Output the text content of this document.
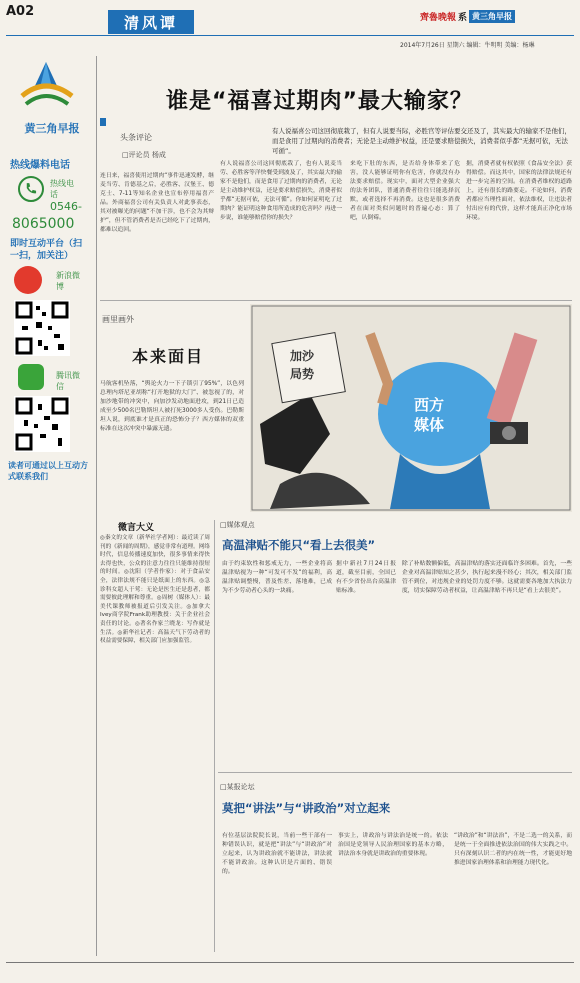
A02
清风谭	齊魯晚報 系 黄三角早报
2014年7月26日 星期六 编辑：牛明明 美编：杨琳
黄三角早报
热线爆料电话
热线电话
0546-
8065000
即时互动平台（扫一扫，加关注）
新浪微博
腾讯微信
读者可通过以上互动方式联系我们
谁是“福喜过期肉”最大输家？
头条评论
□评论员 杨成
有人说福喜公司这回彻底栽了，但有人说要当际，必胜官等评估要交还及了，其实最大的输家不是他们，而是食用了过期肉的消费者；无论是主动维护权益，还是要求赔偿损失，消费者似乎都“无据可依，无法可循”。
连日来，福喜使用过期肉“事件迅速发酵，继麦当劳、肯德基之后，必胜客、汉堡王、德克士、7-11等知名企业也宣布停用福喜产品。外商福喜公司有关负责人对此事表态，其对被曝光的问题“不加干涉，也不会为其辩护”，但不管消费者是否已经吃下了过期肉，都难以追回。
有人说福喜公司这回彻底栽了，也有人说麦当劳、必胜客等洋快餐受到波及了，其实最大的输家不是他们，而是食用了过期肉的消费者，无论是主动维护权益，还是要求赔偿损失，消费者似乎都“无据可依，无法可循”。你如何证明吃了过期肉？能证明这种食用所造成的危害吗？再进一步说，谁能够赔偿你的损失？
来吃下肚的东西，是否给身体带来了危害，没人能够证明你有危害，你就没有办法要求赔偿。现实中，面对大型企业强大的法务团队，普通消费者往往只能选择沉默，或者选择不再消费。这也是很多消费者在面对类似问题时的普遍心态：算了吧，认倒霉。
据，消费者就有权依照《食品安全法》获得赔偿。而这其中，国家的法律法规还有进一步完善的空间。在消费者维权的道路上，还有很长的路要走。不论如何，消费者都应当理性面对，依法维权，让违法者付出应有的代价，这样才能真正净化市场环境。
画里画外
本来面目
马航客机坠落，“舆论火力一下子锁引了95%”，以色列总理内塔尼亚胡称“打开地狱的大门”、被忽视了的，对加沙地带的冲突中，向加沙发动地面进攻，到21日已造成至少500名巴勒斯坦人被打死3000多人受伤。巴勒斯坦人说，到底谁才是真正的恐怖分子？西方媒体的双重标准在这次冲突中暴露无遗。
加沙
局势
西方
媒体
微言大义
◎秦文的文章（新华社学者网）：最近读了周刊的《新闻的周期》，感觉非常有道理。网络时代，信息传播速度加快，很多事情来得快去得也快，公众的注意力往往只能维持很短的时间。◎沈阳（学者作家）：对于食品安全，法律法规不能只是纸面上的东西。◎急诊科女超人于莺：无论是医生还是患者，都需要彼此理解和尊重。◎周树（媒体人）：最美代课教师被报道后引发关注。◎加拿大Ivey商学院Frank助理教授：关于企业社会责任的讨论。◎著名作家兰晓龙：写作就是生活。◎新华社记者：高温天气下劳动者的权益需要保障，相关部门应加强监管。
□媒体观点
高温津贴不能只“看上去很美”
由于约束软性和惩戒无力，一些企业将高温津贴视为一种“可发可不发”的福利，高温津贴调整慢，普及性差、落地难，已成为不少劳动者心头的一块痛。
据中新社7月24日报道，截至目前，全国已有不少省份出台高温津贴标准。
除了补贴数额偏低，高温津贴的落实还面临许多困难。首先，一些企业对高温津贴知之甚少，执行起来漫不经心；其次，相关部门监管不到位，对违规企业的处罚力度不够。这就需要各地加大执法力度，切实保障劳动者权益，让高温津贴不再只是“看上去很美”。
□某报论坛
莫把“讲法”与“讲政治”对立起来
有位基层法院院长说，当前一些干部有一种错误认识，就是把“讲法”与“讲政治”对立起来，认为讲政治就不能讲法，讲法就不能讲政治。这种认识是片面的、错误的。
事实上，讲政治与讲法治是统一的。依法治国是党领导人民治理国家的基本方略，讲法治本身就是讲政治的重要体现。
“讲政治”和“讲法治”，不是二选一的关系，而是统一于全面推进依法治国的伟大实践之中。只有深刻认识二者的内在统一性，才能更好地推进国家治理体系和治理能力现代化。
